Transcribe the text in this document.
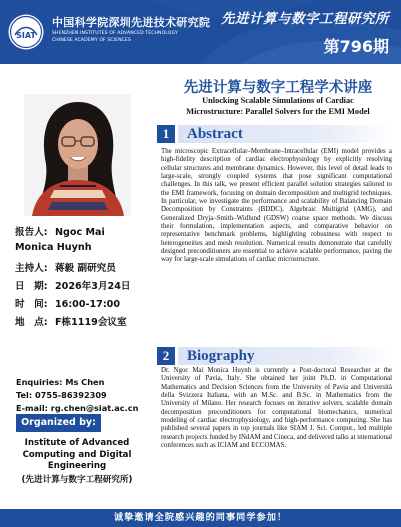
SIAT
中国科学院深圳先进技术研究院
SHENZHEN INSTITUTES OF ADVANCED TECHNOLOGY
CHINESE ACADEMY OF SCIENCES
先进计算与数字工程研究所
第796期
报告人: Ngoc Mai
Monica Huynh
主持人: 蒋毅 副研究员
日　期: 2026年3月24日
时　间: 16:00-17:00
地　点: F栋1119会议室
Enquiries: Ms Chen
Tel: 0755-86392309
E-mail: rg.chen@siat.ac.cn
Organized by:
Institute of Advanced
Computing and Digital
Engineering
(先进计算与数字工程研究所)
先进计算与数字工程学术讲座
Unlocking Scalable Simulations of Cardiac
Microstructure: Parallel Solvers for the EMI Model
1	Abstract

The microscopic Extracellular–Membrane–Intracellular (EMI) model provides a high-fidelity description of cardiac electrophysiology by explicitly resolving cellular structures and membrane dynamics. However, this level of detail leads to large-scale, strongly coupled systems that pose significant computational challenges. In this talk, we present efficient parallel solution strategies tailored to the EMI framework, focusing on domain decomposition and multigrid techniques. In particular, we investigate the performance and scalability of Balancing Domain Decomposition by Constraints (BDDC), Algebraic Multigrid (AMG), and Generalized Dryja–Smith–Widlund (GDSW) coarse space methods. We discuss their formulation, implementation aspects, and comparative behavior on representative benchmark problems, highlighting robustness with respect to heterogeneities and mesh resolution. Numerical results demonstrate that carefully designed preconditioners are essential to achieve scalable performance, paving the way for large-scale simulations of cardiac microstructure.

2	Biography

Dr. Ngoc Mai Monica Huynh is currently a Post-doctoral Researcher at the University of Pavia, Italy. She obtained her joint Ph.D. in Computational Mathematics and Decision Sciences from the University of Pavia and Università della Svizzera Italiana, with an M.Sc. and B.Sc. in Mathematics from the University of Milano. Her research focuses on iterative solvers, scalable domain decomposition preconditioners for computational biomechanics, numerical modeling of cardiac electrophysiology, and high-performance computing. She has published several papers in top journals like SIAM J. Sci. Comput., led multiple research projects funded by INdAM and Cineca, and delivered talks at international conferences such as ICIAM and ECCOMAS.

诚挚邀请全院感兴趣的同事同学参加！
